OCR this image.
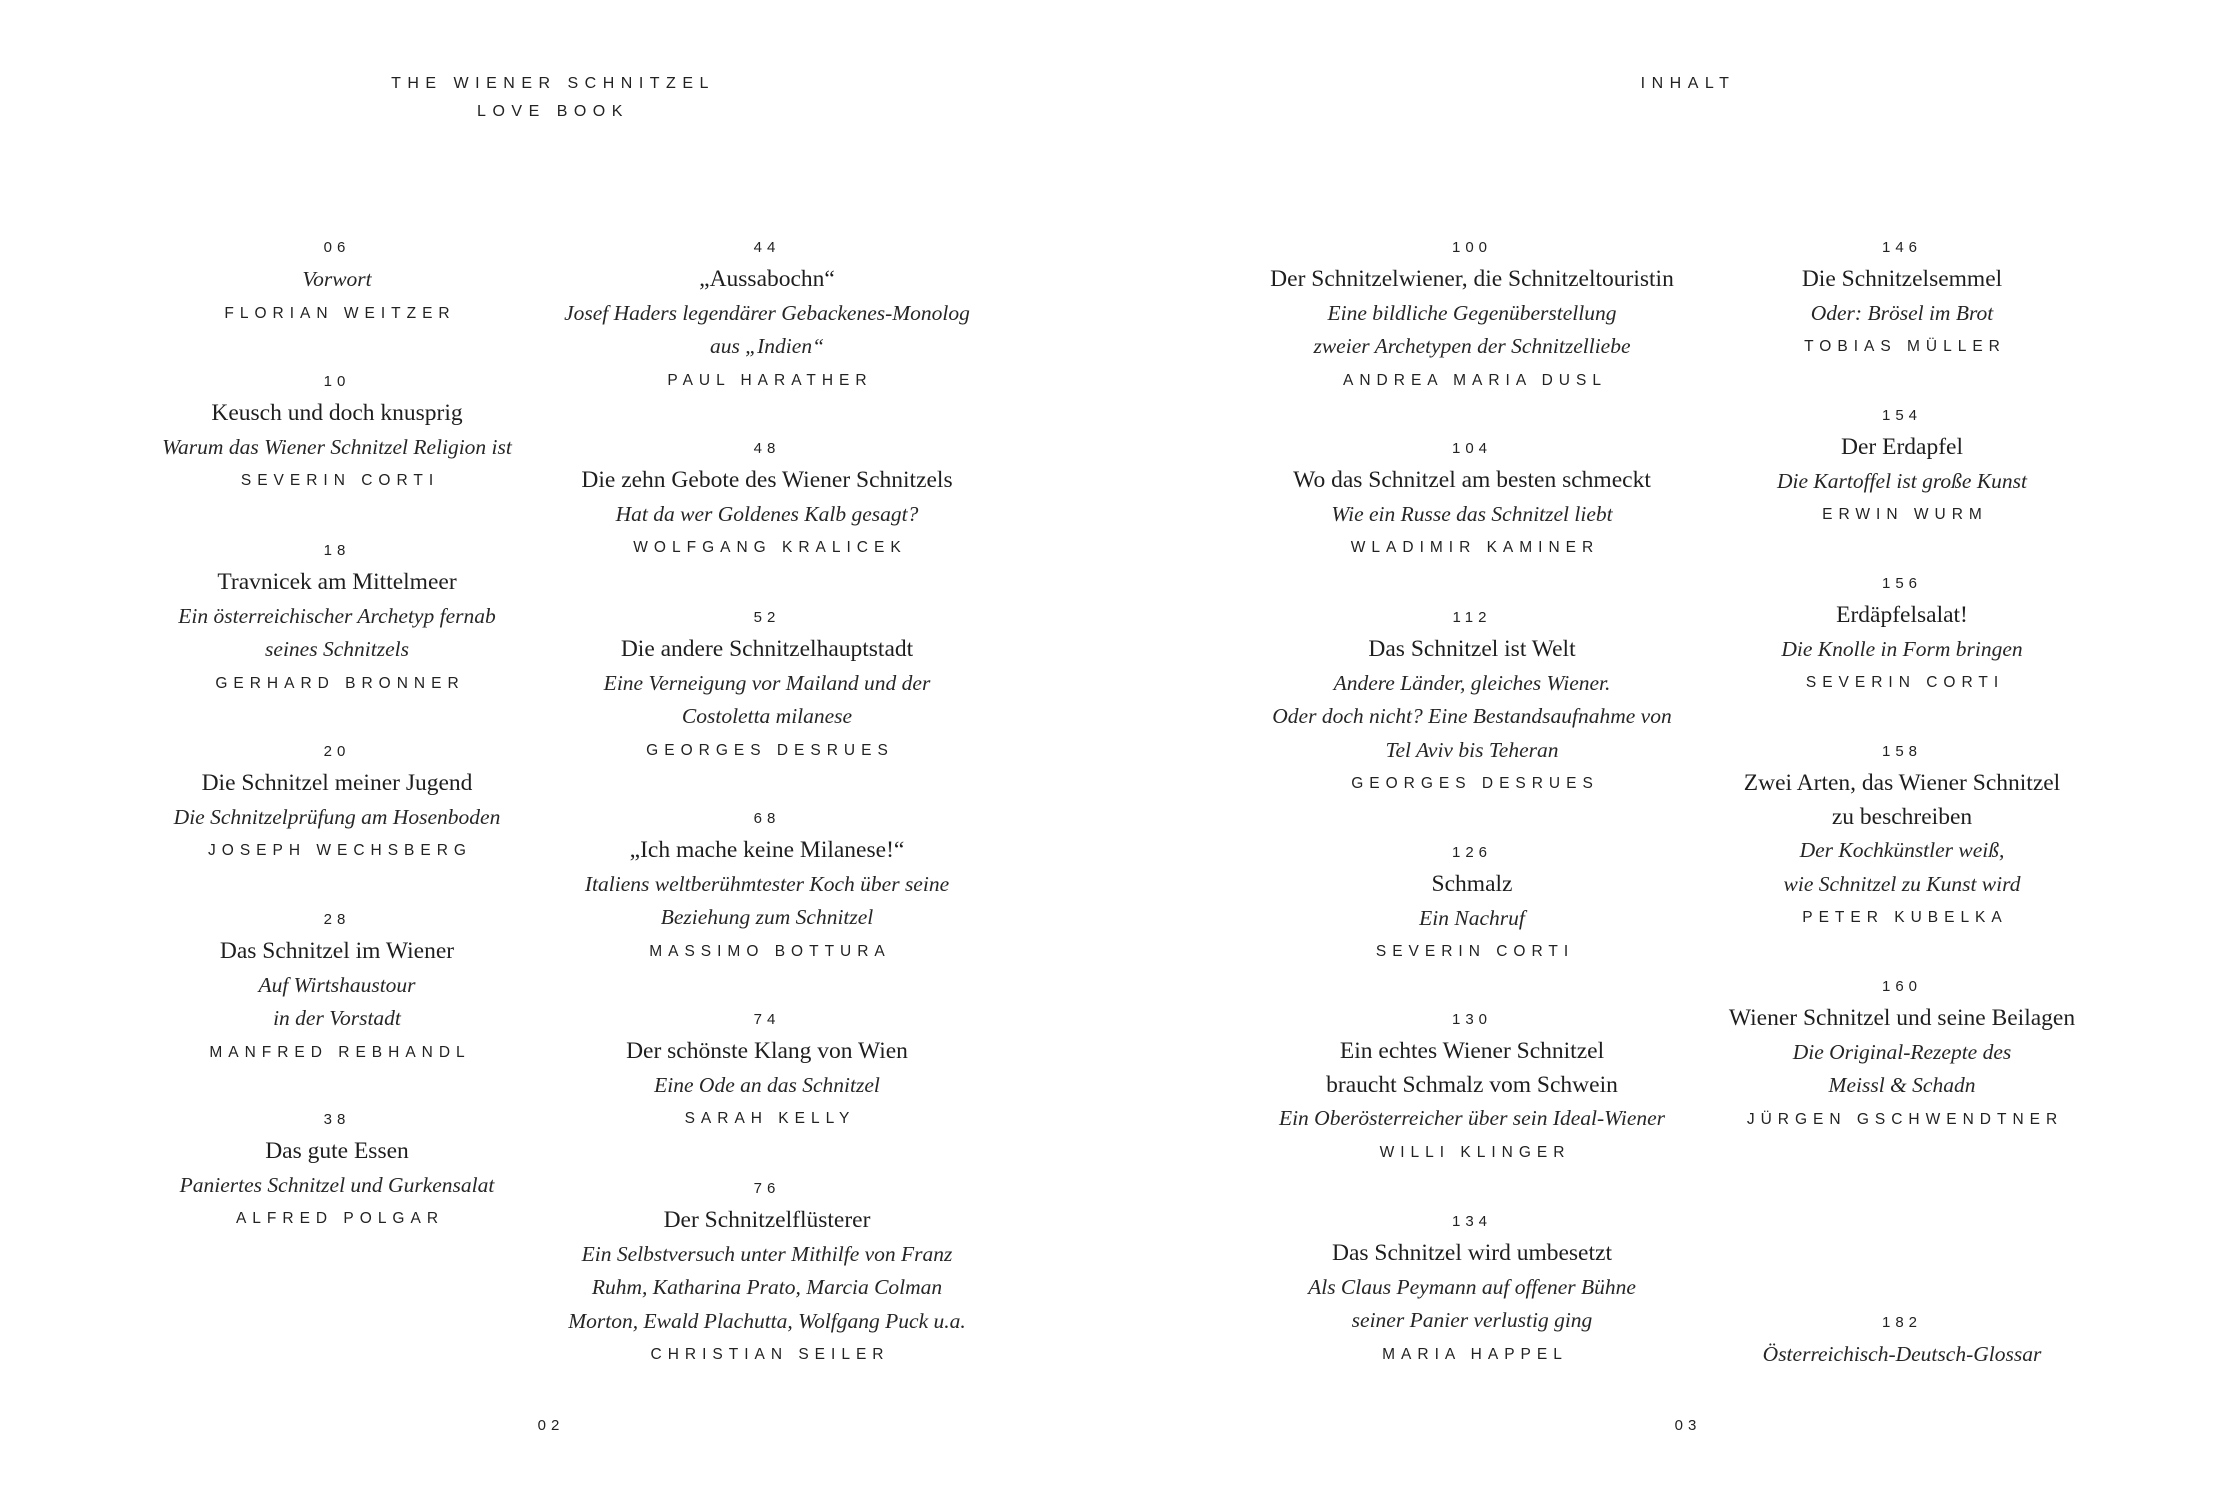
THE WIENER SCHNITZEL
LOVE BOOK
INHALT
06
Vorwort
FLORIAN WEITZER
10
Keusch und doch knusprig
Warum das Wiener Schnitzel Religion ist
SEVERIN CORTI
18
Travnicek am Mittelmeer
Ein österreichischer Archetyp fernab
seines Schnitzels
GERHARD BRONNER
20
Die Schnitzel meiner Jugend
Die Schnitzelprüfung am Hosenboden
JOSEPH WECHSBERG
28
Das Schnitzel im Wiener
Auf Wirtshaustour
in der Vorstadt
MANFRED REBHANDL
38
Das gute Essen
Paniertes Schnitzel und Gurkensalat
ALFRED POLGAR
44
„Aussabochn“
Josef Haders legendärer Gebackenes-Monolog
aus „Indien“
PAUL HARATHER
48
Die zehn Gebote des Wiener Schnitzels
Hat da wer Goldenes Kalb gesagt?
WOLFGANG KRALICEK
52
Die andere Schnitzelhauptstadt
Eine Verneigung vor Mailand und der
Costoletta milanese
GEORGES DESRUES
68
„Ich mache keine Milanese!“
Italiens weltberühmtester Koch über seine
Beziehung zum Schnitzel
MASSIMO BOTTURA
74
Der schönste Klang von Wien
Eine Ode an das Schnitzel
SARAH KELLY
76
Der Schnitzelflüsterer
Ein Selbstversuch unter Mithilfe von Franz
Ruhm, Katharina Prato, Marcia Colman
Morton, Ewald Plachutta, Wolfgang Puck u.a.
CHRISTIAN SEILER
100
Der Schnitzelwiener, die Schnitzeltouristin
Eine bildliche Gegenüberstellung
zweier Archetypen der Schnitzelliebe
ANDREA MARIA DUSL
104
Wo das Schnitzel am besten schmeckt
Wie ein Russe das Schnitzel liebt
WLADIMIR KAMINER
112
Das Schnitzel ist Welt
Andere Länder, gleiches Wiener.
Oder doch nicht? Eine Bestandsaufnahme von
Tel Aviv bis Teheran
GEORGES DESRUES
126
Schmalz
Ein Nachruf
SEVERIN CORTI
130
Ein echtes Wiener Schnitzel
braucht Schmalz vom Schwein
Ein Oberösterreicher über sein Ideal-Wiener
WILLI KLINGER
134
Das Schnitzel wird umbesetzt
Als Claus Peymann auf offener Bühne
seiner Panier verlustig ging
MARIA HAPPEL
146
Die Schnitzelsemmel
Oder: Brösel im Brot
TOBIAS MÜLLER
154
Der Erdapfel
Die Kartoffel ist große Kunst
ERWIN WURM
156
Erdäpfelsalat!
Die Knolle in Form bringen
SEVERIN CORTI
158
Zwei Arten, das Wiener Schnitzel
zu beschreiben
Der Kochkünstler weiß,
wie Schnitzel zu Kunst wird
PETER KUBELKA
160
Wiener Schnitzel und seine Beilagen
Die Original-Rezepte des
Meissl & Schadn
JÜRGEN GSCHWENDTNER
182
Österreichisch-Deutsch-Glossar
02	03
